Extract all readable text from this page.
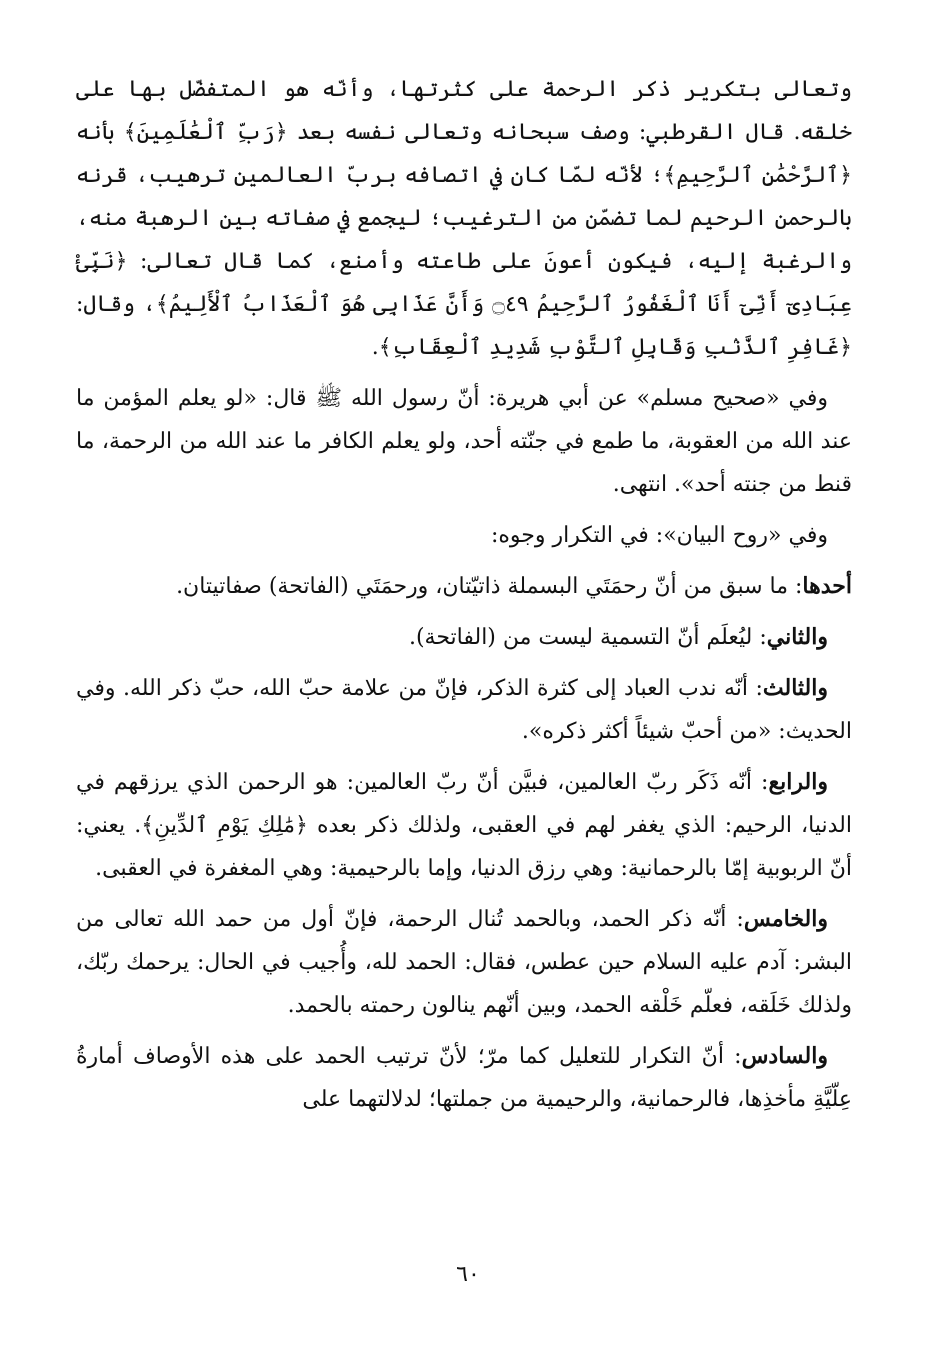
وتعالى بتكرير ذكر الرحمة على كثرتها، وأنّه هو المتفضّل بها على خلقه. قال القرطبي: وصف سبحانه وتعالى نفسه بعد ﴿رَبِّ ٱلْعَٰلَمِينَ﴾ بأنه ﴿ٱلرَّحْمَٰنِ ٱلرَّحِيمِ﴾؛ لأنّه لمّا كان في اتصافه بربّ العالمين ترهيب، قرنه بالرحمن الرحيم لما تضمّن من الترغيب؛ ليجمع في صفاته بين الرهبة منه، والرغبة إليه، فيكون أعونَ على طاعته وأمنع، كما قال تعالى: ﴿نَبِّئْ عِبَادِىٓ أَنِّىٓ أَنَا ٱلْغَفُورُ ٱلرَّحِيمُ ۝٤٩ وَأَنَّ عَذَابِى هُوَ ٱلْعَذَابُ ٱلْأَلِيمُ﴾، وقال: ﴿غَافِرِ ٱلذَّنۢبِ وَقَابِلِ ٱلتَّوْبِ شَدِيدِ ٱلْعِقَابِ﴾.

وفي «صحيح مسلم» عن أبي هريرة: أنّ رسول الله ﷺ قال: «لو يعلم المؤمن ما عند الله من العقوبة، ما طمع في جنّته أحد، ولو يعلم الكافر ما عند الله من الرحمة، ما قنط من جنته أحد». انتهى.

وفي «روح البيان»: في التكرار وجوه:

أحدها: ما سبق من أنّ رحمَتَي البسملة ذاتيّتان، ورحمَتَي (الفاتحة) صفاتيتان.

والثاني: ليُعلَم أنّ التسمية ليست من (الفاتحة).

والثالث: أنّه ندب العباد إلى كثرة الذكر، فإنّ من علامة حبّ الله، حبّ ذكر الله. وفي الحديث: «من أحبّ شيئاً أكثر ذكره».

والرابع: أنّه ذَكَر ربّ العالمين، فبيَّن أنّ ربّ العالمين: هو الرحمن الذي يرزقهم في الدنيا، الرحيم: الذي يغفر لهم في العقبى، ولذلك ذكر بعده ﴿مَٰلِكِ يَوْمِ ٱلدِّينِ﴾. يعني: أنّ الربوبية إمّا بالرحمانية: وهي رزق الدنيا، وإما بالرحيمية: وهي المغفرة في العقبى.

والخامس: أنّه ذكر الحمد، وبالحمد تُنال الرحمة، فإنّ أول من حمد الله تعالى من البشر: آدم عليه السلام حين عطس، فقال: الحمد لله، وأُجيب في الحال: يرحمك ربّك، ولذلك خَلَقه، فعلّم خَلْقه الحمد، وبين أنّهم ينالون رحمته بالحمد.

والسادس: أنّ التكرار للتعليل كما مرّ؛ لأنّ ترتيب الحمد على هذه الأوصاف أمارةُ عِلّيَّةِ مأخذِها، فالرحمانية، والرحيمية من جملتها؛ لدلالتهما على

٦٠
